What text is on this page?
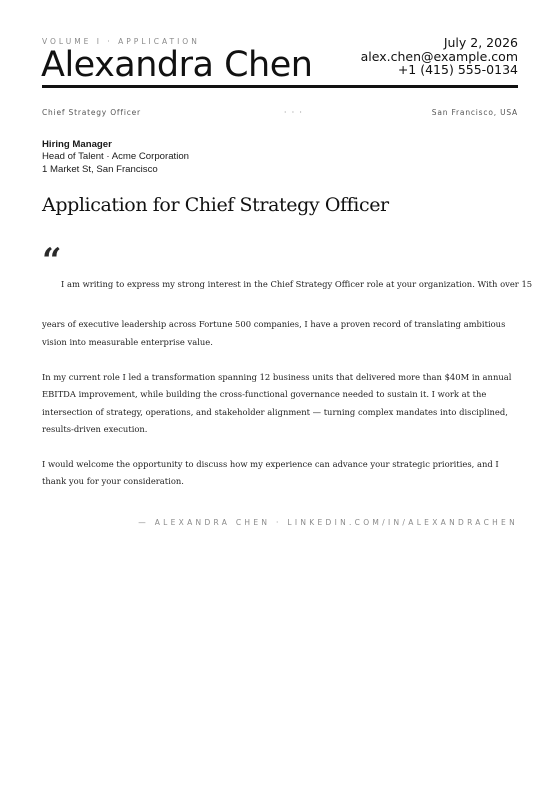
VOLUME I · APPLICATION
Alexandra Chen
July 2, 2026
alex.chen@example.com
+1 (415) 555-0134
Chief Strategy Officer	· · ·	San Francisco, USA
Hiring Manager
Head of Talent · Acme Corporation
1 Market St, San Francisco
Application for Chief Strategy Officer
“
I am writing to express my strong interest in the Chief Strategy Officer role at your organization. With over 15
years of executive leadership across Fortune 500 companies, I have a proven record of translating ambitious vision into measurable enterprise value.
In my current role I led a transformation spanning 12 business units that delivered more than $40M in annual EBITDA improvement, while building the cross-functional governance needed to sustain it. I work at the intersection of strategy, operations, and stakeholder alignment — turning complex mandates into disciplined, results-driven execution.
I would welcome the opportunity to discuss how my experience can advance your strategic priorities, and I thank you for your consideration.
— ALEXANDRA CHEN · LINKEDIN.COM/IN/ALEXANDRACHEN
